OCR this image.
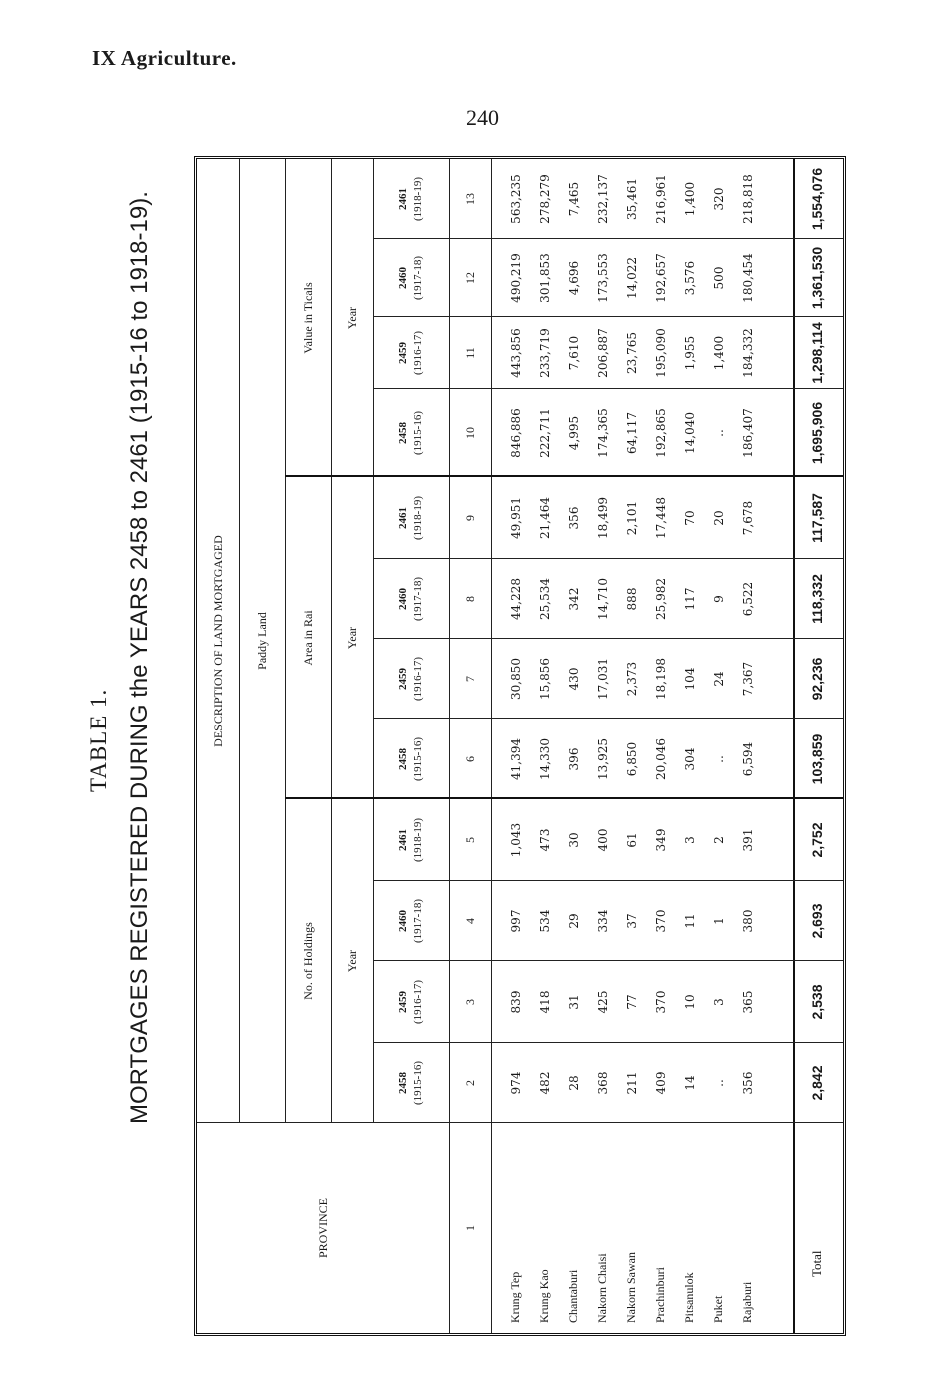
IX Agriculture.
240
TABLE 1. MORTGAGES REGISTERED DURING the YEARS 2458 to 2461 (1915-16 to 1918-19).
PROVINCE
DESCRIPTION OF LAND MORTGAGED	Paddy Land
No. of Holdings
Area in Rai
Value in Ticals
Year
Year
Year
2458 (1915-16)
2459 (1916-17)
2460 (1917-18)
2461 (1918-19)
2458 (1915-16)
2459 (1916-17)
2460 (1917-18)
2461 (1918-19)
2458 (1915-16)
2459 (1916-17)
2460 (1917-18)
2461 (1918-19)
1
2
3
4
5
6
7
8
9
10
11
12
13
Krung Tep
974
839
997
1,043
41,394
30,850
44,228
49,951
846,886
443,856
490,219
563,235
Krung Kao
482
418
534
473
14,330
15,856
25,534
21,464
222,711
233,719
301,853
278,279
Chantaburi
28
31
29
30
396
430
342
356
4,995
7,610
4,696
7,465
Nakorn Chaisi
368
425
334
400
13,925
17,031
14,710
18,499
174,365
206,887
173,553
232,137
Nakorn Sawan
211
77
37
61
6,850
2,373
888
2,101
64,117
23,765
14,022
35,461
Prachinburi
409
370
370
349
20,046
18,198
25,982
17,448
192,865
195,090
192,657
216,961
Pitsanulok
14
10
11
3
304
104
117
70
14,040
1,955
3,576
1,400
Puket
..
3
1
2
..
24
9
20
..
1,400
500
320
Rajaburi
356
365
380
391
6,594
7,367
6,522
7,678
186,407
184,332
180,454
218,818
Total
2,842
2,538
2,693
2,752
103,859
92,236
118,332
117,587
1,695,906
1,298,114
1,361,530
1,554,076
